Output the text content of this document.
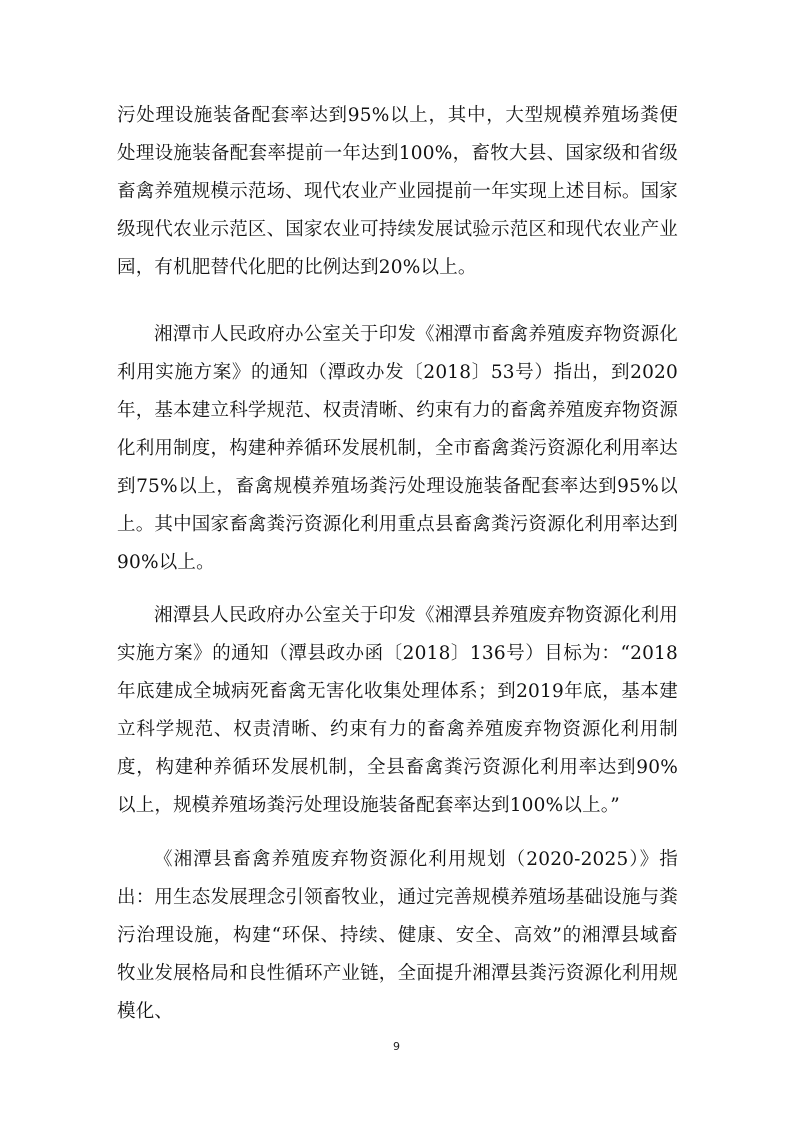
污处理设施装备配套率达到95%以上，其中，大型规模养殖场粪便处理设施装备配套率提前一年达到100%，畜牧大县、国家级和省级畜禽养殖规模示范场、现代农业产业园提前一年实现上述目标。国家级现代农业示范区、国家农业可持续发展试验示范区和现代农业产业园，有机肥替代化肥的比例达到20%以上。

湘潭市人民政府办公室关于印发《湘潭市畜禽养殖废弃物资源化利用实施方案》的通知（潭政办发〔2018〕53号）指出，到2020年，基本建立科学规范、权责清晰、约束有力的畜禽养殖废弃物资源化利用制度，构建种养循环发展机制，全市畜禽粪污资源化利用率达到75%以上，畜禽规模养殖场粪污处理设施装备配套率达到95%以上。其中国家畜禽粪污资源化利用重点县畜禽粪污资源化利用率达到90%以上。

湘潭县人民政府办公室关于印发《湘潭县养殖废弃物资源化利用实施方案》的通知（潭县政办函〔2018〕136号）目标为：“2018年底建成全城病死畜禽无害化收集处理体系；到2019年底，基本建立科学规范、权责清晰、约束有力的畜禽养殖废弃物资源化利用制度，构建种养循环发展机制，全县畜禽粪污资源化利用率达到90%以上，规模养殖场粪污处理设施装备配套率达到100%以上。”

《湘潭县畜禽养殖废弃物资源化利用规划（2020-2025）》指出：用生态发展理念引领畜牧业，通过完善规模养殖场基础设施与粪污治理设施，构建“环保、持续、健康、安全、高效”的湘潭县域畜牧业发展格局和良性循环产业链，全面提升湘潭县粪污资源化利用规模化、

9
